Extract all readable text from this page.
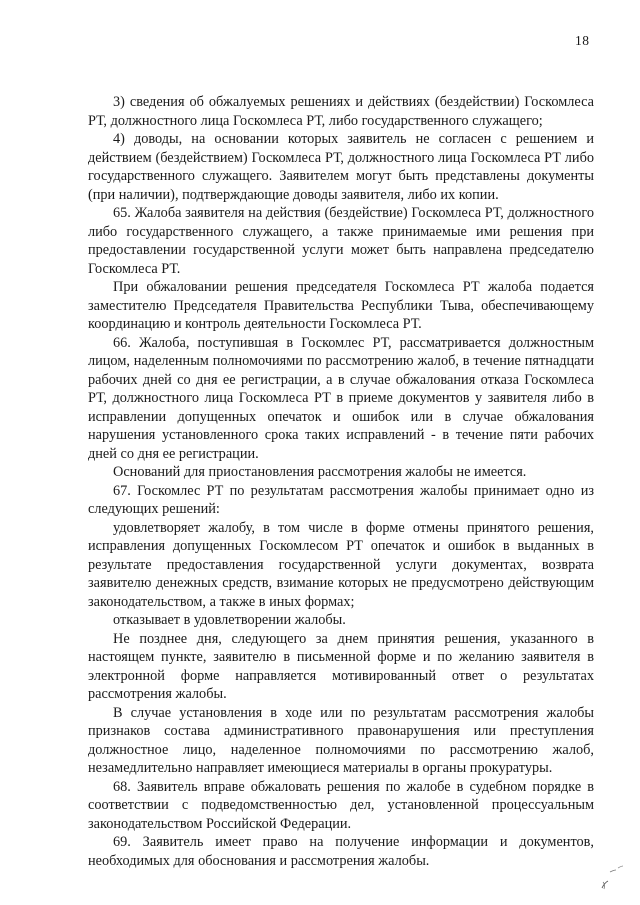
18

3) сведения об обжалуемых решениях и действиях (бездействии) Госкомлеса РТ, должностного лица Госкомлеса РТ, либо государственного служащего;

4) доводы, на основании которых заявитель не согласен с решением и действием (бездействием) Госкомлеса РТ, должностного лица Госкомлеса РТ либо государственного служащего. Заявителем могут быть представлены документы (при наличии), подтверждающие доводы заявителя, либо их копии.

65. Жалоба заявителя на действия (бездействие) Госкомлеса РТ, должностного либо государственного служащего, а также принимаемые ими решения при предоставлении государственной услуги может быть направлена председателю Госкомлеса РТ.

При обжаловании решения председателя Госкомлеса РТ жалоба подается заместителю Председателя Правительства Республики Тыва, обеспечивающему координацию и контроль деятельности Госкомлеса РТ.

66. Жалоба, поступившая в Госкомлес РТ, рассматривается должностным лицом, наделенным полномочиями по рассмотрению жалоб, в течение пятнадцати рабочих дней со дня ее регистрации, а в случае обжалования отказа Госкомлеса РТ, должностного лица Госкомлеса РТ в приеме документов у заявителя либо в исправлении допущенных опечаток и ошибок или в случае обжалования нарушения установленного срока таких исправлений - в течение пяти рабочих дней со дня ее регистрации.

Оснований для приостановления рассмотрения жалобы не имеется.

67. Госкомлес РТ по результатам рассмотрения жалобы принимает одно из следующих решений:

удовлетворяет жалобу, в том числе в форме отмены принятого решения, исправления допущенных Госкомлесом РТ опечаток и ошибок в выданных в результате предоставления государственной услуги документах, возврата заявителю денежных средств, взимание которых не предусмотрено действующим законодательством, а также в иных формах;

отказывает в удовлетворении жалобы.

Не позднее дня, следующего за днем принятия решения, указанного в настоящем пункте, заявителю в письменной форме и по желанию заявителя в электронной форме направляется мотивированный ответ о результатах рассмотрения жалобы.

В случае установления в ходе или по результатам рассмотрения жалобы признаков состава административного правонарушения или преступления должностное лицо, наделенное полномочиями по рассмотрению жалоб, незамедлительно направляет имеющиеся материалы в органы прокуратуры.

68. Заявитель вправе обжаловать решения по жалобе в судебном порядке в соответствии с подведомственностью дел, установленной процессуальным законодательством Российской Федерации.

69. Заявитель имеет право на получение информации и документов, необходимых для обоснования и рассмотрения жалобы.
